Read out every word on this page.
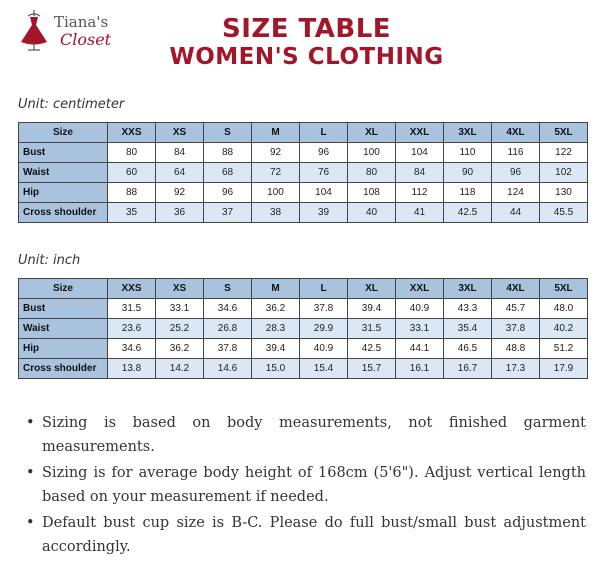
Tiana's
Closet	SIZE TABLE
WOMEN'S CLOTHING
Unit: centimeter
Size	XXS	XS	S	M	L	XL	XXL	3XL	4XL	5XL
Bust	80	84	88	92	96	100	104	110	116	122
Waist	60	64	68	72	76	80	84	90	96	102
Hip	88	92	96	100	104	108	112	118	124	130
Cross shoulder	35	36	37	38	39	40	41	42.5	44	45.5
Unit: inch
Size	XXS	XS	S	M	L	XL	XXL	3XL	4XL	5XL
Bust	31.5	33.1	34.6	36.2	37.8	39.4	40.9	43.3	45.7	48.0
Waist	23.6	25.2	26.8	28.3	29.9	31.5	33.1	35.4	37.8	40.2
Hip	34.6	36.2	37.8	39.4	40.9	42.5	44.1	46.5	48.8	51.2
Cross shoulder	13.8	14.2	14.6	15.0	15.4	15.7	16.1	16.7	17.3	17.9
• Sizing is based on body measurements, not finished garment measurements.
• Sizing is for average body height of 168cm (5'6"). Adjust vertical length based on your measurement if needed.
• Default bust cup size is B-C. Please do full bust/small bust adjustment accordingly.
